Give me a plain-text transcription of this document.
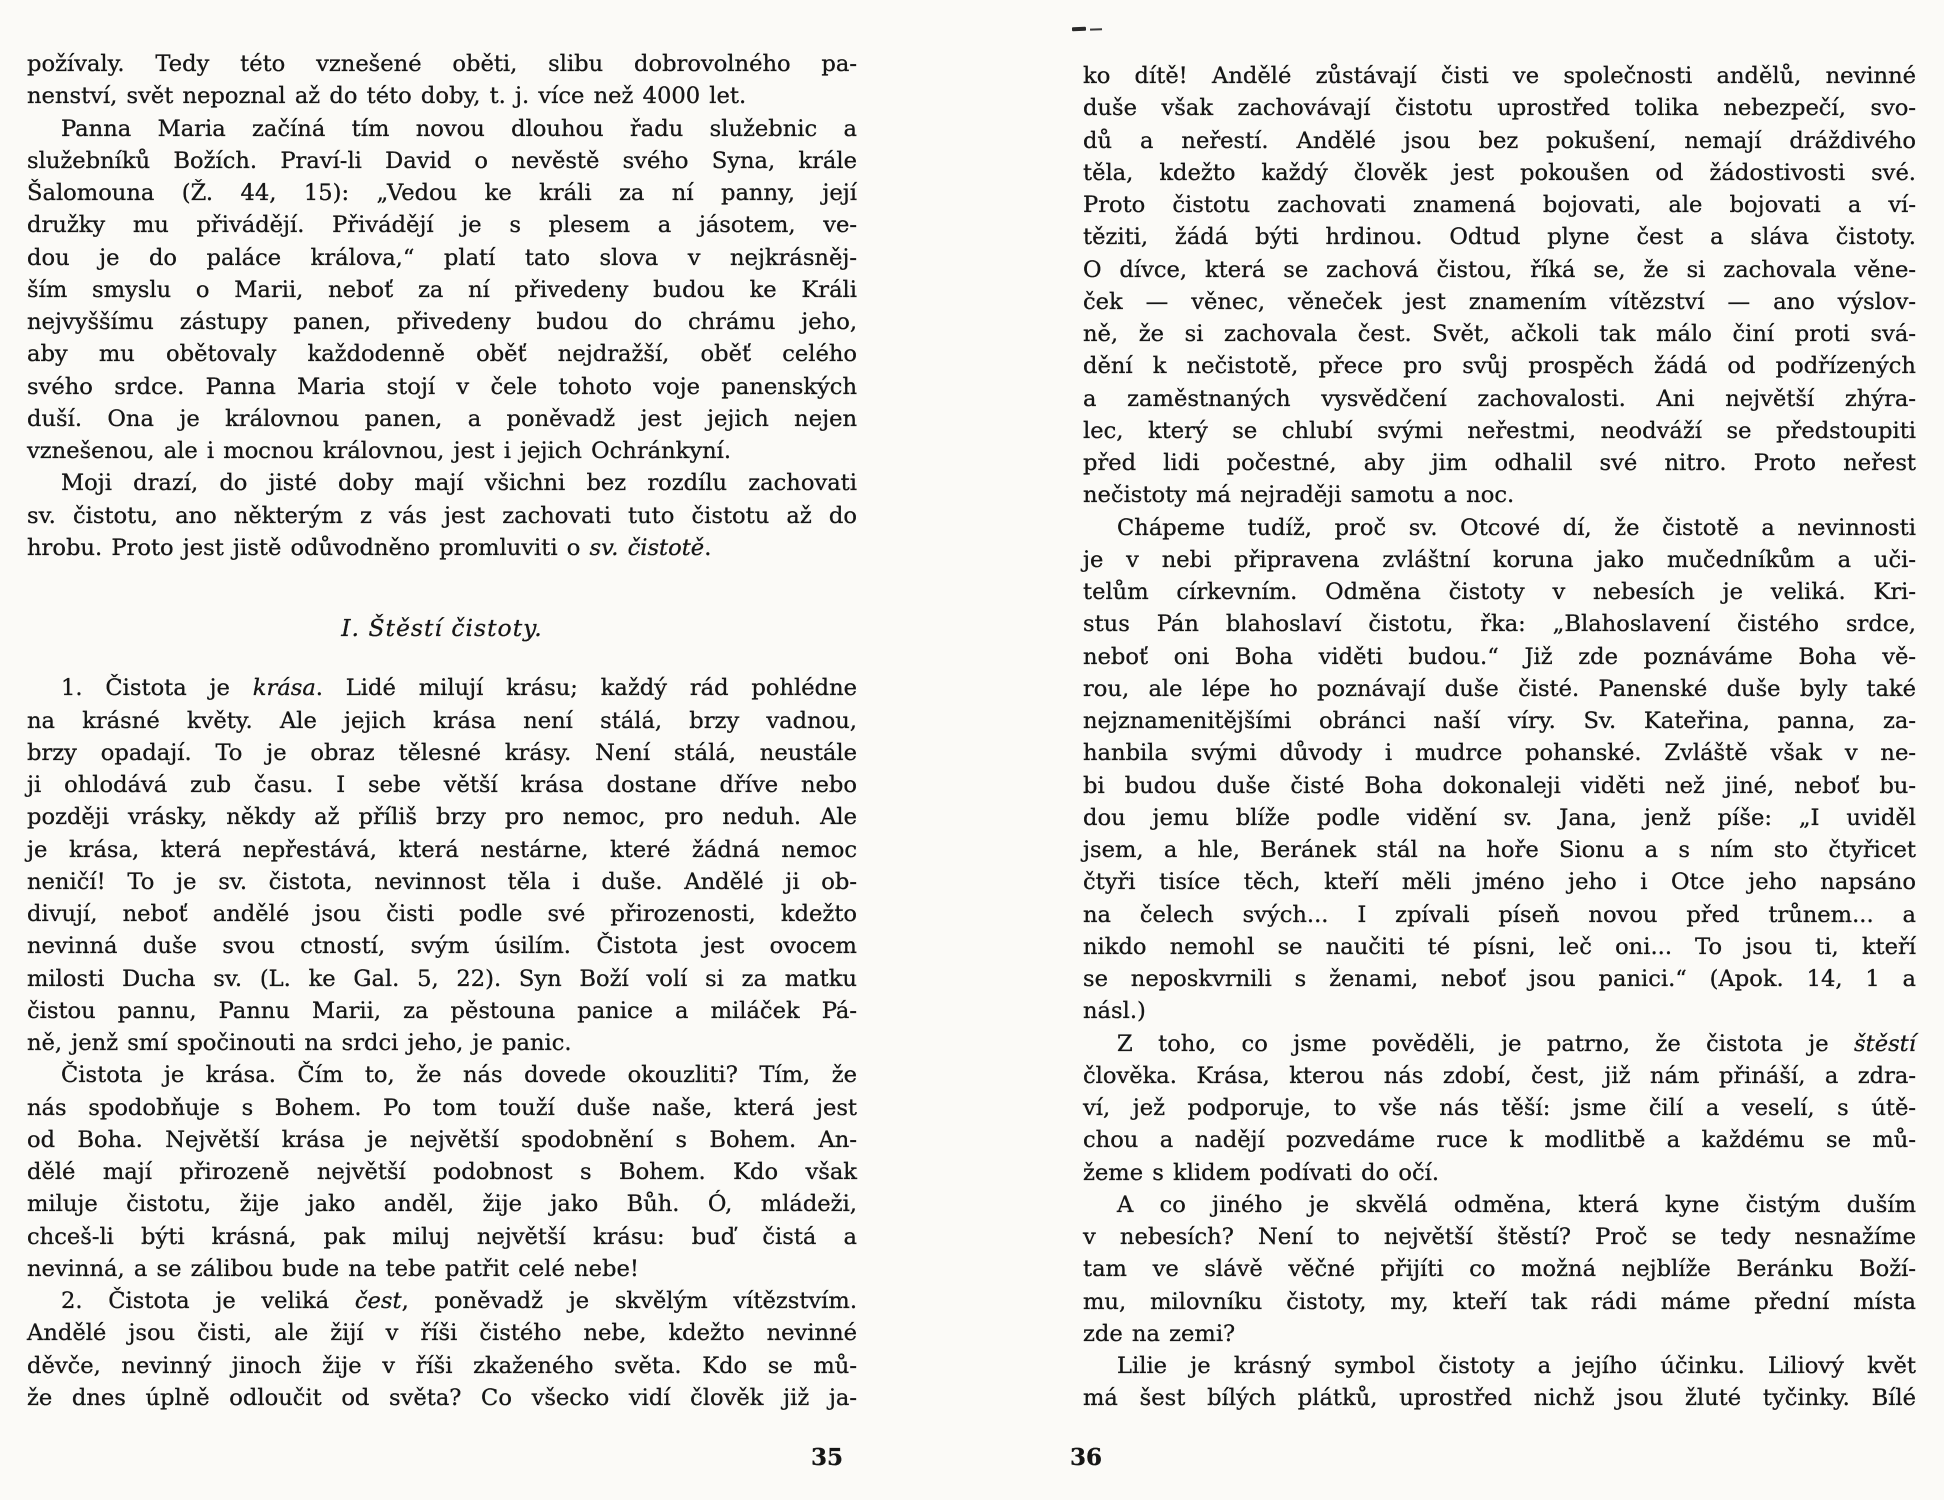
požívaly. Tedy této vznešené oběti, slibu dobrovolného pa-
nenství, svět nepoznal až do této doby, t. j. více než 4000 let.
Panna Maria začíná tím novou dlouhou řadu služebnic a
služebníků Božích. Praví-li David o nevěstě svého Syna, krále
Šalomouna (Ž. 44, 15): „Vedou ke králi za ní panny, její
družky mu přivádějí. Přivádějí je s plesem a jásotem, ve-
dou je do paláce králova,“ platí tato slova v nejkrásněj-
ším smyslu o Marii, neboť za ní přivedeny budou ke Králi
nejvyššímu zástupy panen, přivedeny budou do chrámu jeho,
aby mu obětovaly každodenně oběť nejdražší, oběť celého
svého srdce. Panna Maria stojí v čele tohoto voje panenských
duší. Ona je královnou panen, a poněvadž jest jejich nejen
vznešenou, ale i mocnou královnou, jest i jejich Ochránkyní.
Moji drazí, do jisté doby mají všichni bez rozdílu zachovati
sv. čistotu, ano některým z vás jest zachovati tuto čistotu až do
hrobu. Proto jest jistě odůvodněno promluviti o sv. čistotě.
I. Štěstí čistoty.
1. Čistota je krása. Lidé milují krásu; každý rád pohlédne
na krásné květy. Ale jejich krása není stálá, brzy vadnou,
brzy opadají. To je obraz tělesné krásy. Není stálá, neustále
ji ohlodává zub času. I sebe větší krása dostane dříve nebo
později vrásky, někdy až příliš brzy pro nemoc, pro neduh. Ale
je krása, která nepřestává, která nestárne, které žádná nemoc
neničí! To je sv. čistota, nevinnost těla i duše. Andělé ji ob-
divují, neboť andělé jsou čisti podle své přirozenosti, kdežto
nevinná duše svou ctností, svým úsilím. Čistota jest ovocem
milosti Ducha sv. (L. ke Gal. 5, 22). Syn Boží volí si za matku
čistou pannu, Pannu Marii, za pěstouna panice a miláček Pá-
ně, jenž smí spočinouti na srdci jeho, je panic.
Čistota je krása. Čím to, že nás dovede okouzliti? Tím, že
nás spodobňuje s Bohem. Po tom touží duše naše, která jest
od Boha. Největší krása je největší spodobnění s Bohem. An-
dělé mají přirozeně největší podobnost s Bohem. Kdo však
miluje čistotu, žije jako anděl, žije jako Bůh. Ó, mládeži,
chceš-li býti krásná, pak miluj největší krásu: buď čistá a
nevinná, a se zálibou bude na tebe patřit celé nebe!
2. Čistota je veliká čest, poněvadž je skvělým vítězstvím.
Andělé jsou čisti, ale žijí v říši čistého nebe, kdežto nevinné
děvče, nevinný jinoch žije v říši zkaženého světa. Kdo se mů-
že dnes úplně odloučit od světa? Co všecko vidí člověk již ja-
ko dítě! Andělé zůstávají čisti ve společnosti andělů, nevinné
duše však zachovávají čistotu uprostřed tolika nebezpečí, svo-
dů a neřestí. Andělé jsou bez pokušení, nemají dráždivého
těla, kdežto každý člověk jest pokoušen od žádostivosti své.
Proto čistotu zachovati znamená bojovati, ale bojovati a ví-
těziti, žádá býti hrdinou. Odtud plyne čest a sláva čistoty.
O dívce, která se zachová čistou, říká se, že si zachovala věne-
ček — věnec, věneček jest znamením vítězství — ano výslov-
ně, že si zachovala čest. Svět, ačkoli tak málo činí proti svá-
dění k nečistotě, přece pro svůj prospěch žádá od podřízených
a zaměstnaných vysvědčení zachovalosti. Ani největší zhýra-
lec, který se chlubí svými neřestmi, neodváží se předstoupiti
před lidi počestné, aby jim odhalil své nitro. Proto neřest
nečistoty má nejraději samotu a noc.
Chápeme tudíž, proč sv. Otcové dí, že čistotě a nevinnosti
je v nebi připravena zvláštní koruna jako mučedníkům a uči-
telům církevním. Odměna čistoty v nebesích je veliká. Kri-
stus Pán blahoslaví čistotu, řka: „Blahoslavení čistého srdce,
neboť oni Boha viděti budou.“ Již zde poznáváme Boha vě-
rou, ale lépe ho poznávají duše čisté. Panenské duše byly také
nejznamenitějšími obránci naší víry. Sv. Kateřina, panna, za-
hanbila svými důvody i mudrce pohanské. Zvláště však v ne-
bi budou duše čisté Boha dokonaleji viděti než jiné, neboť bu-
dou jemu blíže podle vidění sv. Jana, jenž píše: „I uviděl
jsem, a hle, Beránek stál na hoře Sionu a s ním sto čtyřicet
čtyři tisíce těch, kteří měli jméno jeho i Otce jeho napsáno
na čelech svých... I zpívali píseň novou před trůnem... a
nikdo nemohl se naučiti té písni, leč oni... To jsou ti, kteří
se neposkvrnili s ženami, neboť jsou panici.“ (Apok. 14, 1 a
násl.)
Z toho, co jsme pověděli, je patrno, že čistota je štěstí
člověka. Krása, kterou nás zdobí, čest, již nám přináší, a zdra-
ví, jež podporuje, to vše nás těší: jsme čilí a veselí, s útě-
chou a nadějí pozvedáme ruce k modlitbě a každému se mů-
žeme s klidem podívati do očí.
A co jiného je skvělá odměna, která kyne čistým duším
v nebesích? Není to největší štěstí? Proč se tedy nesnažíme
tam ve slávě věčné přijíti co možná nejblíže Beránku Boží-
mu, milovníku čistoty, my, kteří tak rádi máme přední místa
zde na zemi?
Lilie je krásný symbol čistoty a jejího účinku. Liliový květ
má šest bílých plátků, uprostřed nichž jsou žluté tyčinky. Bílé
35	36
